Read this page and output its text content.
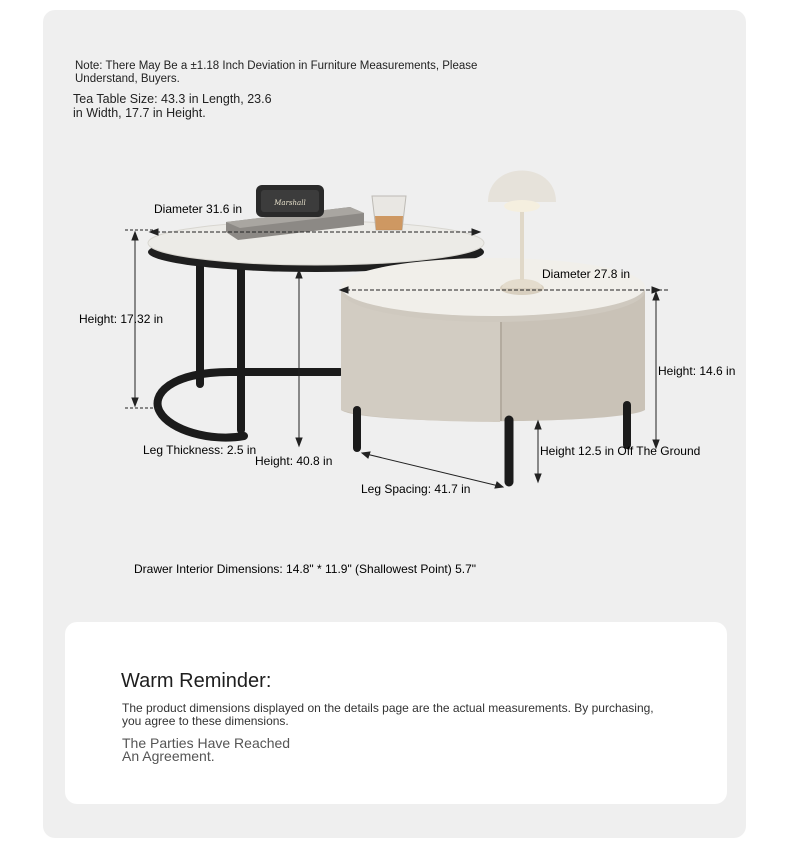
Note: There May Be a ±1.18 Inch Deviation in Furniture Measurements, Please
Understand, Buyers.
Tea Table Size: 43.3 in Length, 23.6
in Width, 17.7 in Height.
Marshall
Diameter 31.6 in
Diameter 27.8 in
Height: 17.32 in
Height: 14.6 in
Leg Thickness: 2.5 in
Height: 40.8 in
Height 12.5 in Off The Ground
Leg Spacing: 41.7 in
Drawer Interior Dimensions: 14.8" * 11.9" (Shallowest Point) 5.7"
Warm Reminder:
The product dimensions displayed on the details page are the actual measurements. By purchasing,
you agree to these dimensions.
The Parties Have Reached
An Agreement.
